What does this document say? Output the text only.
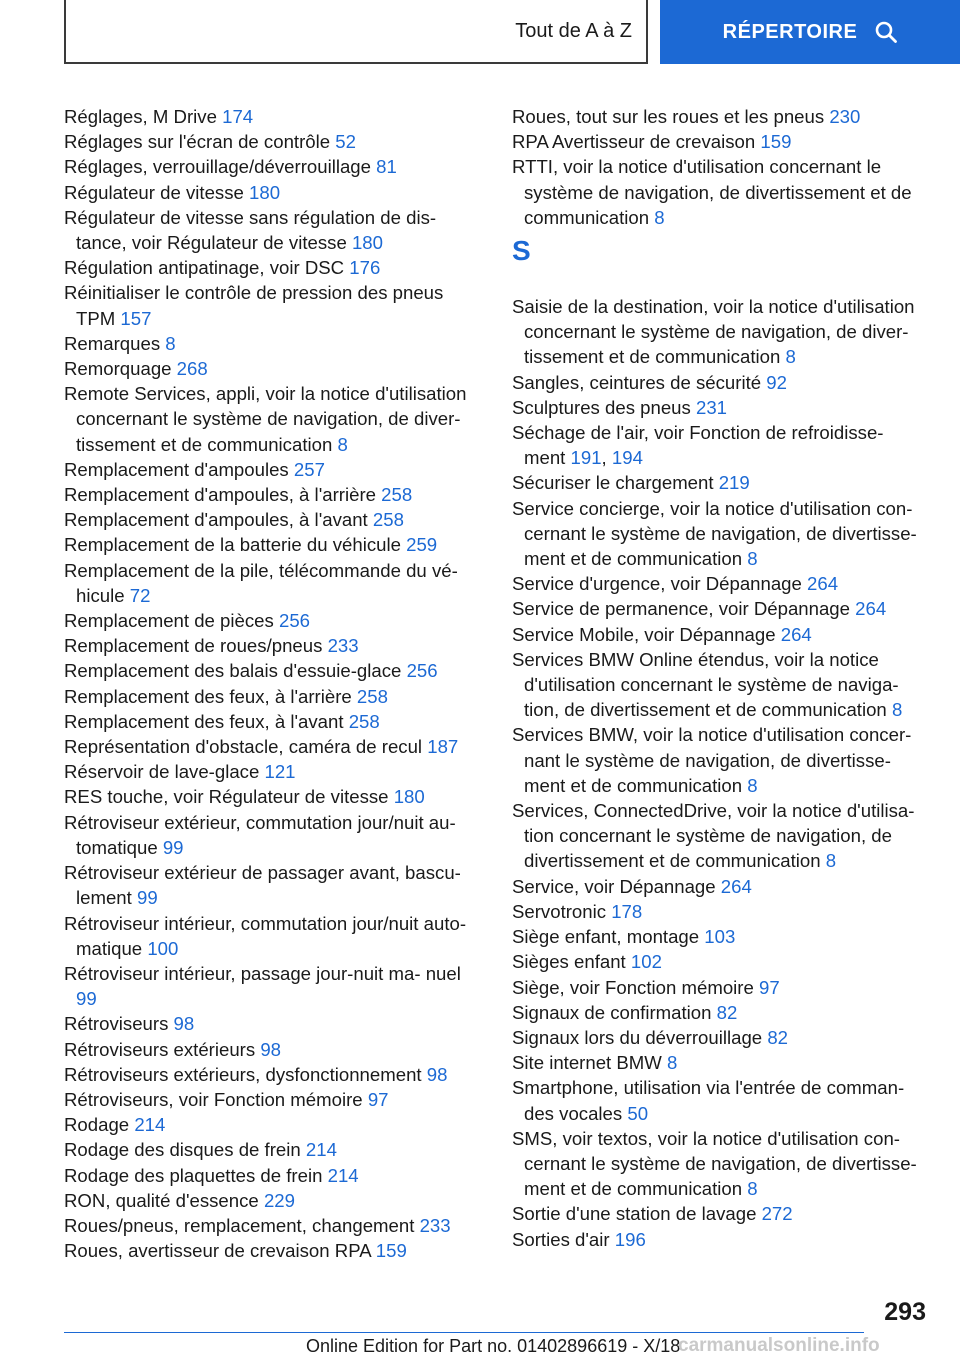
Tout de A à Z	RÉPERTOIRE
Réglages, M Drive 174
Réglages sur l'écran de contrôle 52
Réglages, verrouillage/déverrouillage 81
Régulateur de vitesse 180
Régulateur de vitesse sans régulation de dis- tance, voir Régulateur de vitesse 180
Régulation antipatinage, voir DSC 176
Réinitialiser le contrôle de pression des pneus TPM 157
Remarques 8
Remorquage 268
Remote Services, appli, voir la notice d'utilisation concernant le système de navigation, de diver- tissement et de communication 8
Remplacement d'ampoules 257
Remplacement d'ampoules, à l'arrière 258
Remplacement d'ampoules, à l'avant 258
Remplacement de la batterie du véhicule 259
Remplacement de la pile, télécommande du vé- hicule 72
Remplacement de pièces 256
Remplacement de roues/pneus 233
Remplacement des balais d'essuie-glace 256
Remplacement des feux, à l'arrière 258
Remplacement des feux, à l'avant 258
Représentation d'obstacle, caméra de recul 187
Réservoir de lave-glace 121
RES touche, voir Régulateur de vitesse 180
Rétroviseur extérieur, commutation jour/nuit au- tomatique 99
Rétroviseur extérieur de passager avant, bascu- lement 99
Rétroviseur intérieur, commutation jour/nuit auto- matique 100
Rétroviseur intérieur, passage jour-nuit ma- nuel 99
Rétroviseurs 98
Rétroviseurs extérieurs 98
Rétroviseurs extérieurs, dysfonctionnement 98
Rétroviseurs, voir Fonction mémoire 97
Rodage 214
Rodage des disques de frein 214
Rodage des plaquettes de frein 214
RON, qualité d'essence 229
Roues/pneus, remplacement, changement 233
Roues, avertisseur de crevaison RPA 159
Roues, tout sur les roues et les pneus 230
RPA Avertisseur de crevaison 159
RTTI, voir la notice d'utilisation concernant le système de navigation, de divertissement et de communication 8
S
Saisie de la destination, voir la notice d'utilisation concernant le système de navigation, de diver- tissement et de communication 8
Sangles, ceintures de sécurité 92
Sculptures des pneus 231
Séchage de l'air, voir Fonction de refroidisse- ment 191, 194
Sécuriser le chargement 219
Service concierge, voir la notice d'utilisation con- cernant le système de navigation, de divertisse- ment et de communication 8
Service d'urgence, voir Dépannage 264
Service de permanence, voir Dépannage 264
Service Mobile, voir Dépannage 264
Services BMW Online étendus, voir la notice d'utilisation concernant le système de naviga- tion, de divertissement et de communication 8
Services BMW, voir la notice d'utilisation concer- nant le système de navigation, de divertisse- ment et de communication 8
Services, ConnectedDrive, voir la notice d'utilisa- tion concernant le système de navigation, de divertissement et de communication 8
Service, voir Dépannage 264
Servotronic 178
Siège enfant, montage 103
Sièges enfant 102
Siège, voir Fonction mémoire 97
Signaux de confirmation 82
Signaux lors du déverrouillage 82
Site internet BMW 8
Smartphone, utilisation via l'entrée de comman- des vocales 50
SMS, voir textos, voir la notice d'utilisation con- cernant le système de navigation, de divertisse- ment et de communication 8
Sortie d'une station de lavage 272
Sorties d'air 196
293
Online Edition for Part no. 01402896619 - X/18
carmanualsonline.info
